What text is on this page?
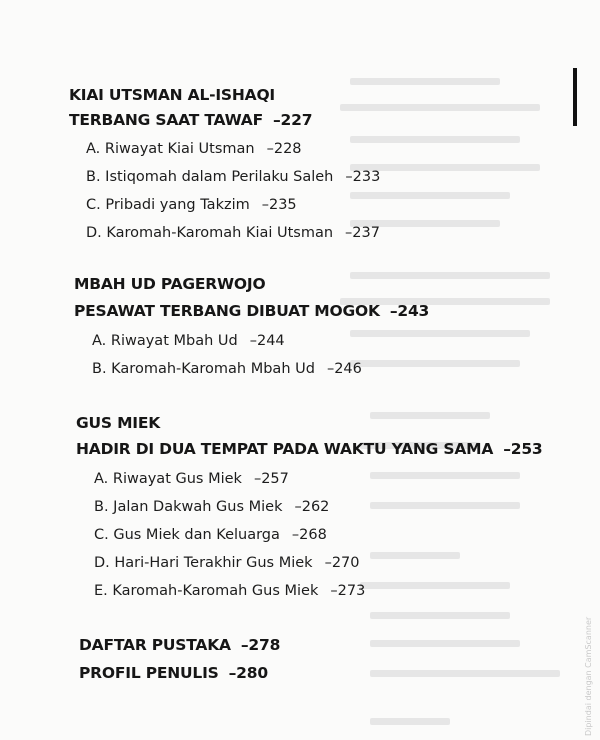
KIAI UTSMAN AL-ISHAQI
TERBANG SAAT TAWAF –227
A. Riwayat Kiai Utsman –228
B. Istiqomah dalam Perilaku Saleh –233
C. Pribadi yang Takzim –235
D. Karomah-Karomah Kiai Utsman –237
MBAH UD PAGERWOJO
PESAWAT TERBANG DIBUAT MOGOK –243
A. Riwayat Mbah Ud –244
B. Karomah-Karomah Mbah Ud –246
GUS MIEK
HADIR DI DUA TEMPAT PADA WAKTU YANG SAMA –253
A. Riwayat Gus Miek –257
B. Jalan Dakwah Gus Miek –262
C. Gus Miek dan Keluarga –268
D. Hari-Hari Terakhir Gus Miek –270
E. Karomah-Karomah Gus Miek –273
DAFTAR PUSTAKA –278
PROFIL PENULIS –280	Dipindai dengan CamScanner
